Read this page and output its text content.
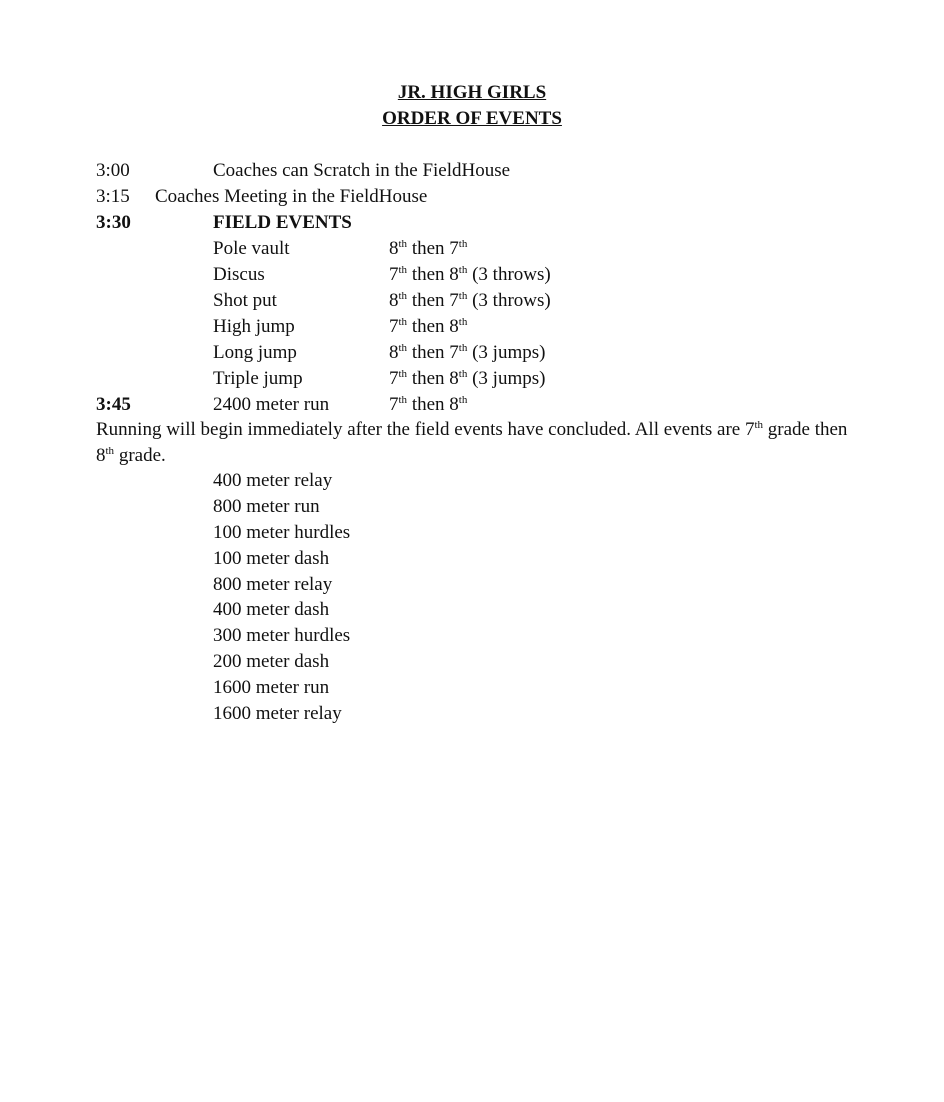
JR. HIGH GIRLS
ORDER OF EVENTS
3:00	Coaches can Scratch in the FieldHouse
3:15 Coaches Meeting in the FieldHouse
3:30	FIELD EVENTS
Pole vault	8th then 7th
Discus	7th then 8th (3 throws)
Shot put	8th then 7th (3 throws)
High jump	7th then 8th
Long jump	8th then 7th (3 jumps)
Triple jump	7th then 8th (3 jumps)
3:45	2400 meter run	7th then 8th
Running will begin immediately after the field events have concluded. All events are 7th grade then 8th grade.
400 meter relay
800 meter run
100 meter hurdles
100 meter dash
800 meter relay
400 meter dash
300 meter hurdles
200 meter dash
1600 meter run
1600 meter relay
